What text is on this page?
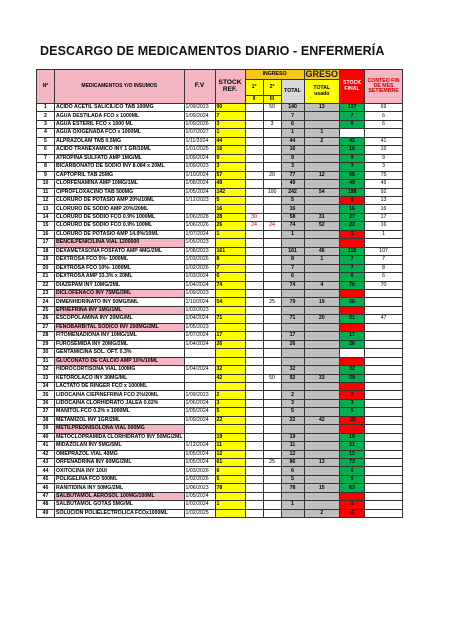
DESCARGO DE MEDICAMENTOS DIARIO - ENFERMERÍA
Nº	MEDICAMENTOS Y/O INSUMOS	F.V	STOCK REF.	INGRESO			GRESO	STOCK FINAL	CONTEO FIN DE MES SETIEMBRE
				1º	2º	TOTAL	TOTAL usado		
				II	III				
1	ACIDO ACETIL SALICÍLICO TAB 100MG	1/09/2023	90		50	140	13	127	69
2	AGUA DESTILADA FCO x 1000ML	1/09/2024	7			7		7	6
3	AGUA ESTERIL FCO x 1000 ML	1/09/2026	3		3	6		6	6
4	AGUA OXIGENADA FCO x 1000ML	1/07/2027	1			1	1		
5	ALPRAZOLAM TAB 0.5MG	1/11/2024	44			44	2	42	41
6	ACIDO TRANEXAMICO INY 1 GR/10ML	1/01/2025	16			16		16	16
7	ATROPINA SULFATO AMP 1MG/ML	1/09/2024	9			9		9	9
8	BICARBONATO DE SODIO INY 8.084 x 20ML	1/09/2023	3			3		3	3
9	CAPTOPRIL TAB 25MG	1/10/2024	57		20	77	12	65	75
10	CLORFENAMINA AMP 10MG/1ML	1/08/2024	49			49		49	49
11	CIPROFLOXACINO TAB 500MG	1/05/2024	142		100	242	54	188	92
12	CLORURO DE POTASIO AMP 20%/10ML	1/12/2023	5			5		5	13
13	CLORURO DE SODIO AMP 20%/20ML		16			16		16	16
14	CLORURO DE SODIO FCO 0.9% 1000ML	1/06/2028	28	30		58	31	27	17
15	CLORURO DE SODIO FCO 0.9% 100ML	1/06/2026	26	24	24	74	52	22	16
16	CLORURO DE POTASIO AMP 14.9%/10ML	1/07/2024	1			1		1	1
17	BENCILPENICILINA VIAL 1200000	1/05/2023							
18	DEXAMETASONA FOSFATO AMP 4MG/2ML	1/08/2023	161			161	46	115	107
19	DEXTROSA FCO 5%- 1000ML	1/03/2026	8			8	1	7	7
20	DEXTROSA FCO 10%- 1000ML	1/02/2026	7			7		7	8
21	DEXTROSA AMP 33.3% x 20ML	1/03/2024	6			6		6	6
22	DIAZEPAM INY 10MG/2ML	1/04/2024	74			74	4	70	70
23	DICLOFENACO INY 75MG/3ML	1/09/2023							
24	DIMENHIDRINATO INY 50MG/5ML	1/10/2024	54		25	79	19	60	
25	EPINEFRINA INY 1MG/1ML	1/03/2023							
26	ESCOPOLAMINA INY 20MG/ML	1/04/2024	71			71	20	51	47
27	FENOBARBITAL SODICO INY 200MG/2ML	1/05/2023							
28	FITOMENADIONA INY 10MG/1ML	1/07/2024	17			17		17	
29	FUROSEMIDA INY 20MG/2ML	1/04/2024	26			26		26	
30	GENTAMICINA SOL. OFT. 0.3%								
31	GLUCONATO DE CALCIO AMP 10%/10ML								
32	HIDROCORTISONA VIAL 100MG	1/04/2024	32			32		32	
33	KETOROLACO INY 30MG/ML		42		50	92	33	59	
34	LACTATO DE RINGER FCO x 1000ML								
35	LIDOCAINA C/EPINEFRINA FCO 2%/20ML	1/09/2023	2			2		2	
36	LIDOCAINA CLORHIDRATO JALEA 0.02%	1/06/2024	3			3		3	
37	MANITOL FCO 0.2% x 1000ML	1/05/2024	5			5		5	
38	METAMIZOL INY 1GR/2ML	1/09/2024	22			22	42	-20	
39	METILPREDNISOLONA VIAL 500MG								
40	METOCLOPRAMIDA CLORHIDRATO INY 50MG/2ML		19			19		19	
41	MIDAZOLAN INY 5MG/5ML	1/12/2024	11			11		11	
42	OMEPRAZOL VIAL 40MG	1/05/2024	12			12		12	
43	ORFENADRINA INY 60MG/2ML	1/05/2024	61		25	86	13	73	
44	OXITOCINA INY 10UI	1/03/2026	6			6		6	
45	POLIGELINA FCO 500ML	1/02/2026	5			5		5	
46	RANITIDINA INY 50MG/2ML	1/06/2023	78			78	15	63	
47	SALBUTAMOL AEROSOL 100MG/100ML	1/05/2024							
48	SALBUTAMOL GOTAS 5MG/ML	1/02/2024	1			1		1	
49	SOLUCION POLIELECTROLICA FCOx1000ML	1/02/2025					2	-2	
